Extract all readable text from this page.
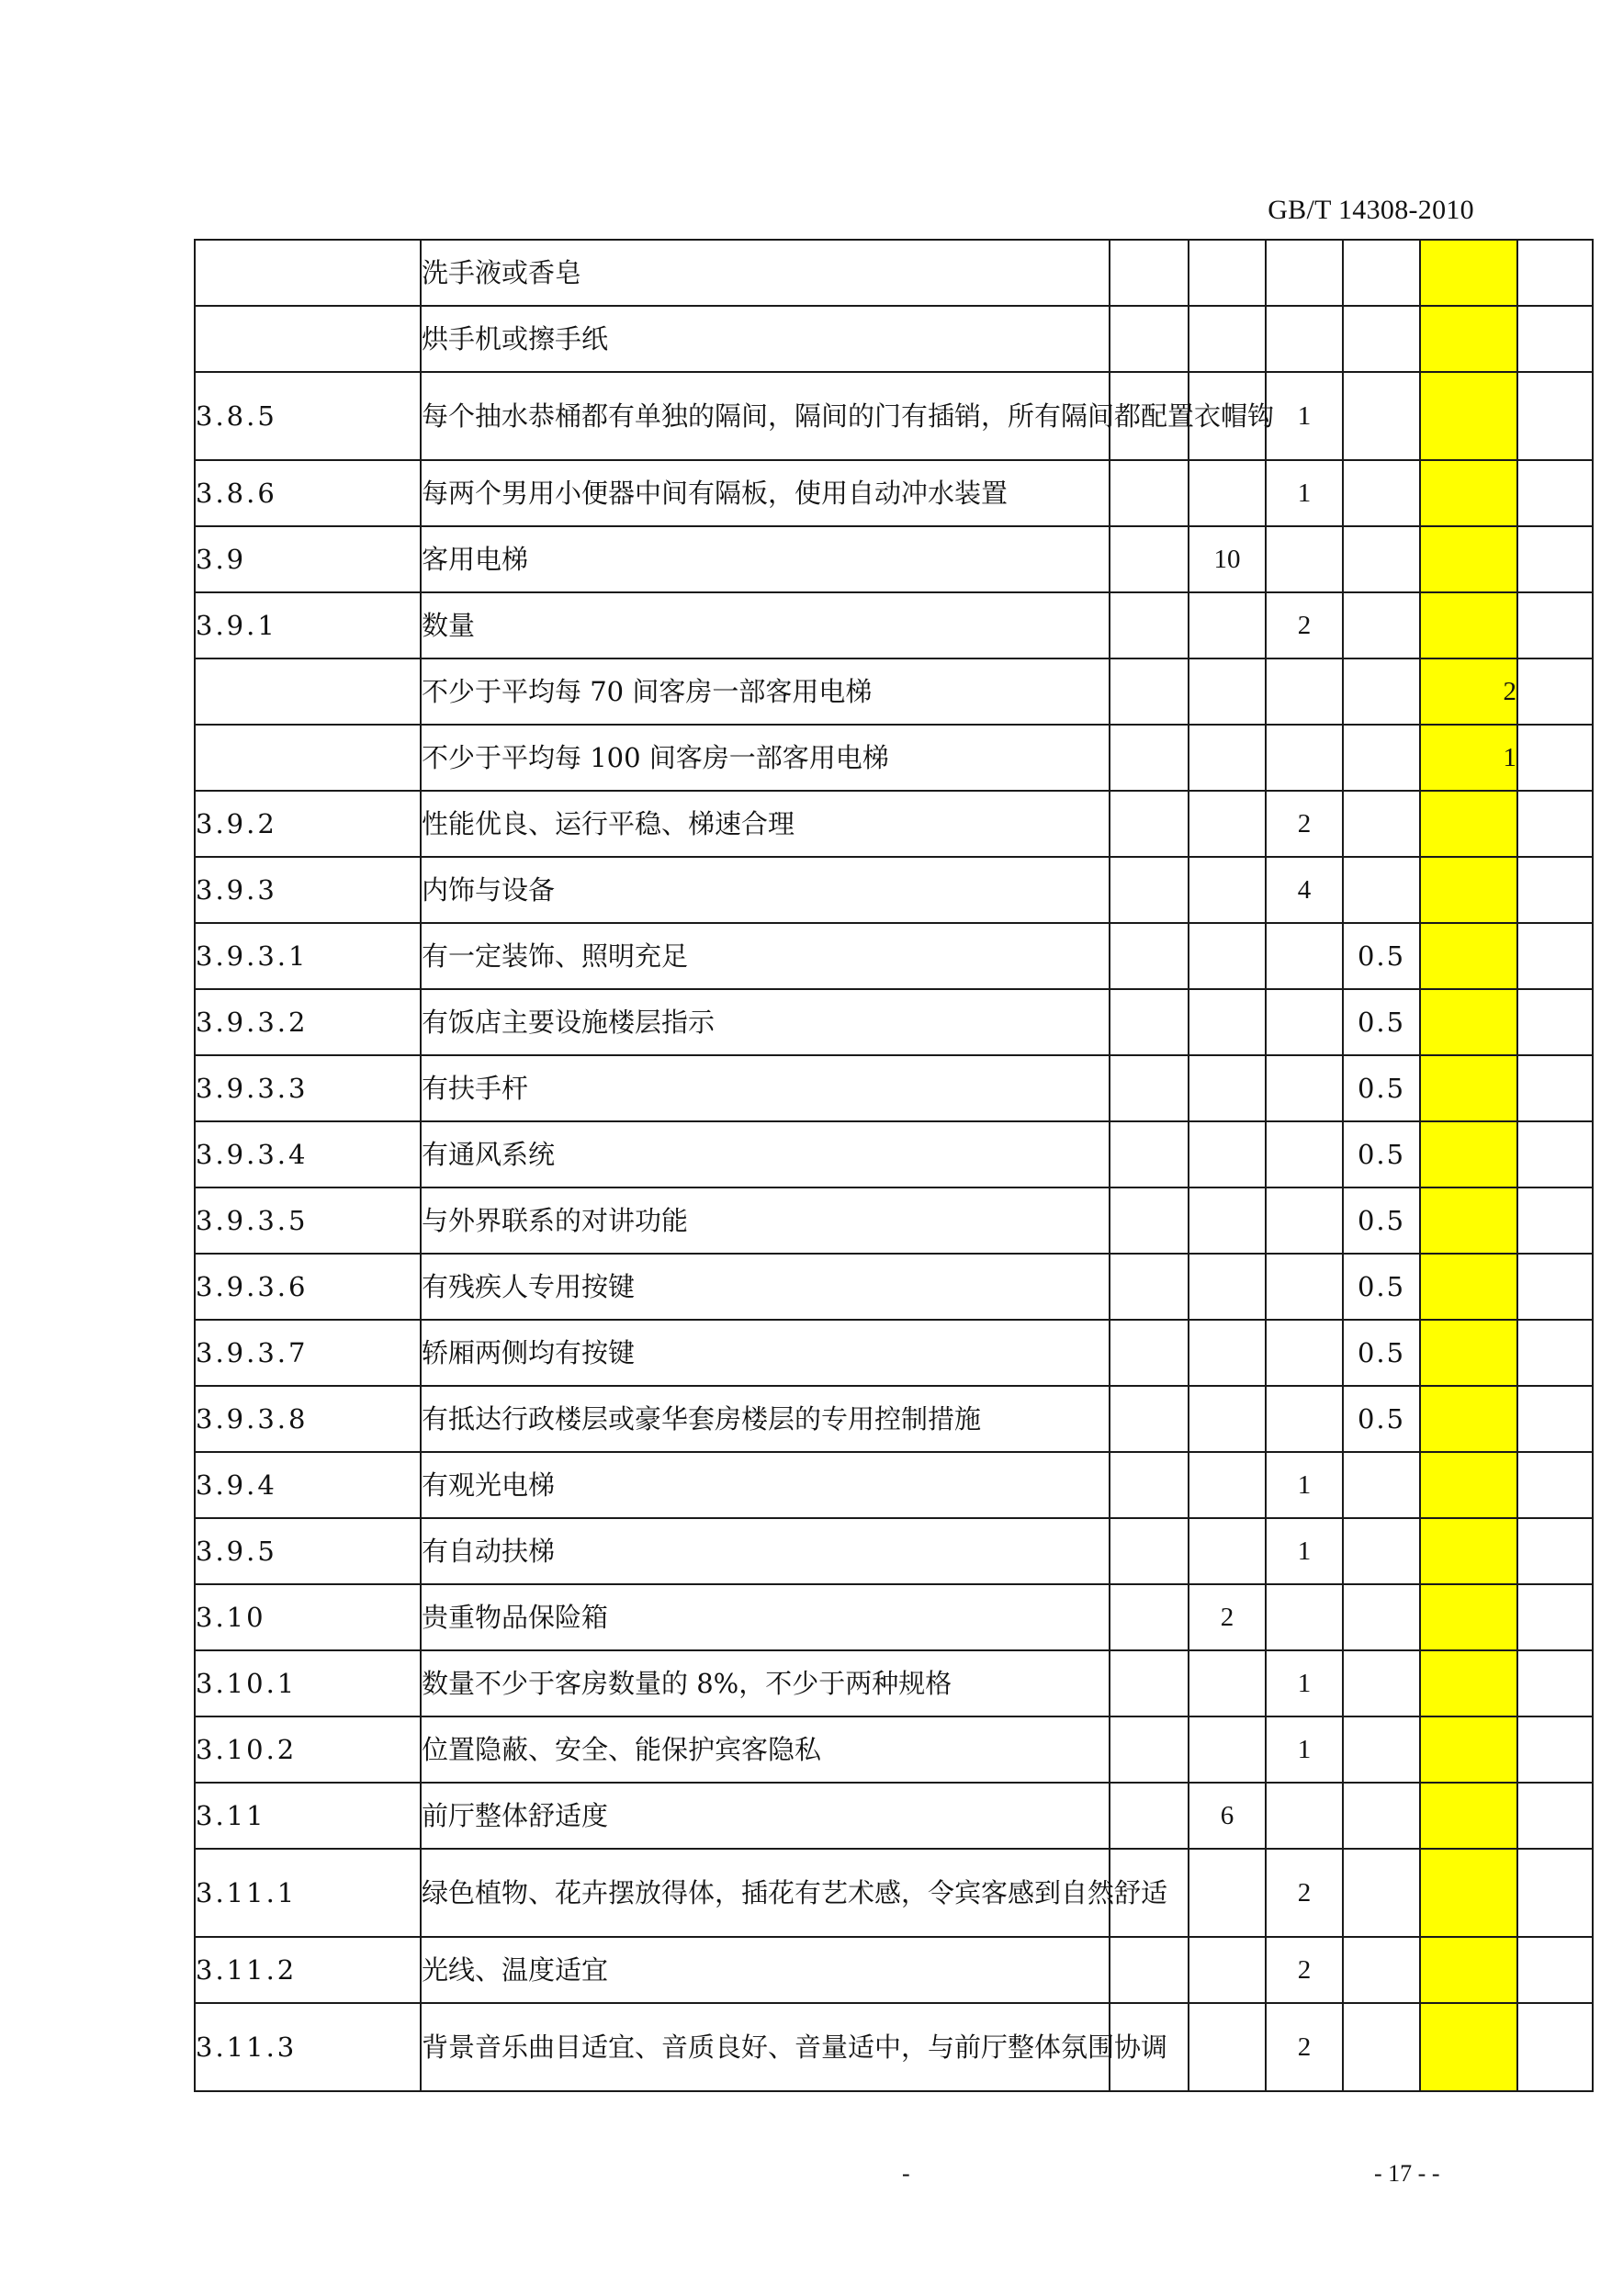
GB/T 14308-2010
	洗手液或香皂						
	烘手机或擦手纸						
3.8.5	每个抽水恭桶都有单独的隔间，隔间的门有插销，所有隔间都配置衣帽钩			1			
3.8.6	每两个男用小便器中间有隔板，使用自动冲水装置			1			
3.9	客用电梯		10				
3.9.1	数量			2			
	不少于平均每 70 间客房一部客用电梯					2	
	不少于平均每 100 间客房一部客用电梯					1	
3.9.2	性能优良、运行平稳、梯速合理			2			
3.9.3	内饰与设备			4			
3.9.3.1	有一定装饰、照明充足				0.5		
3.9.3.2	有饭店主要设施楼层指示				0.5		
3.9.3.3	有扶手杆				0.5		
3.9.3.4	有通风系统				0.5		
3.9.3.5	与外界联系的对讲功能				0.5		
3.9.3.6	有残疾人专用按键				0.5		
3.9.3.7	轿厢两侧均有按键				0.5		
3.9.3.8	有抵达行政楼层或豪华套房楼层的专用控制措施				0.5		
3.9.4	有观光电梯			1			
3.9.5	有自动扶梯			1			
3.10	贵重物品保险箱		2				
3.10.1	数量不少于客房数量的 8%，不少于两种规格			1			
3.10.2	位置隐蔽、安全、能保护宾客隐私			1			
3.11	前厅整体舒适度		6				
3.11.1	绿色植物、花卉摆放得体，插花有艺术感，令宾客感到自然舒适			2			
3.11.2	光线、温度适宜			2			
3.11.3	背景音乐曲目适宜、音质良好、音量适中，与前厅整体氛围协调			2			
-	- 17 - -
